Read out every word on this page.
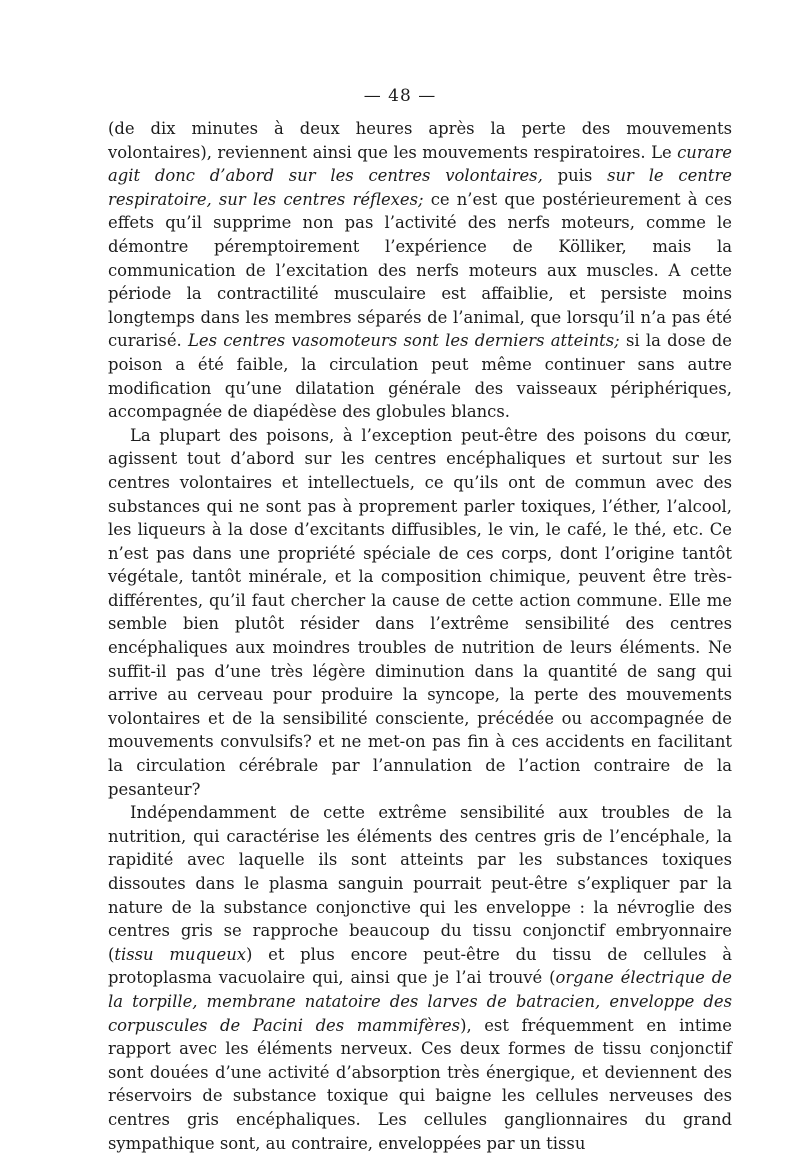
— 48 —

(de dix minutes à deux heures après la perte des mouvements volontaires), reviennent ainsi que les mouvements respiratoires. Le curare agit donc d’abord sur les centres volontaires, puis sur le centre respiratoire, sur les centres réflexes; ce n’est que postérieurement à ces effets qu’il supprime non pas l’activité des nerfs moteurs, comme le démontre péremptoirement l’expérience de Kölliker, mais la communication de l’excitation des nerfs moteurs aux muscles. A cette période la contractilité musculaire est affaiblie, et persiste moins longtemps dans les membres séparés de l’animal, que lorsqu’il n’a pas été curarisé. Les centres vasomoteurs sont les derniers atteints; si la dose de poison a été faible, la circulation peut même continuer sans autre modification qu’une dilatation générale des vaisseaux périphériques, accompagnée de diapédèse des globules blancs.

La plupart des poisons, à l’exception peut-être des poisons du cœur, agissent tout d’abord sur les centres encéphaliques et surtout sur les centres volontaires et intellectuels, ce qu’ils ont de commun avec des substances qui ne sont pas à proprement parler toxiques, l’éther, l’alcool, les liqueurs à la dose d’excitants diffusibles, le vin, le café, le thé, etc. Ce n’est pas dans une propriété spéciale de ces corps, dont l’origine tantôt végétale, tantôt minérale, et la composition chimique, peuvent être très-différentes, qu’il faut chercher la cause de cette action commune. Elle me semble bien plutôt résider dans l’extrême sensibilité des centres encéphaliques aux moindres troubles de nutrition de leurs éléments. Ne suffit-il pas d’une très légère diminution dans la quantité de sang qui arrive au cerveau pour produire la syncope, la perte des mouvements volontaires et de la sensibilité consciente, précédée ou accompagnée de mouvements convulsifs? et ne met-on pas fin à ces accidents en facilitant la circulation cérébrale par l’annulation de l’action contraire de la pesanteur?

Indépendamment de cette extrême sensibilité aux troubles de la nutrition, qui caractérise les éléments des centres gris de l’encéphale, la rapidité avec laquelle ils sont atteints par les substances toxiques dissoutes dans le plasma sanguin pourrait peut-être s’expliquer par la nature de la substance conjonctive qui les enveloppe : la névroglie des centres gris se rapproche beaucoup du tissu conjonctif embryonnaire (tissu muqueux) et plus encore peut-être du tissu de cellules à protoplasma vacuolaire qui, ainsi que je l’ai trouvé (organe électrique de la torpille, membrane natatoire des larves de batracien, enveloppe des corpuscules de Pacini des mammifères), est fréquemment en intime rapport avec les éléments nerveux. Ces deux formes de tissu conjonctif sont douées d’une activité d’absorption très énergique, et deviennent des réservoirs de substance toxique qui baigne les cellules nerveuses des centres gris encéphaliques. Les cellules ganglionnaires du grand sympathique sont, au contraire, enveloppées par un tissu
